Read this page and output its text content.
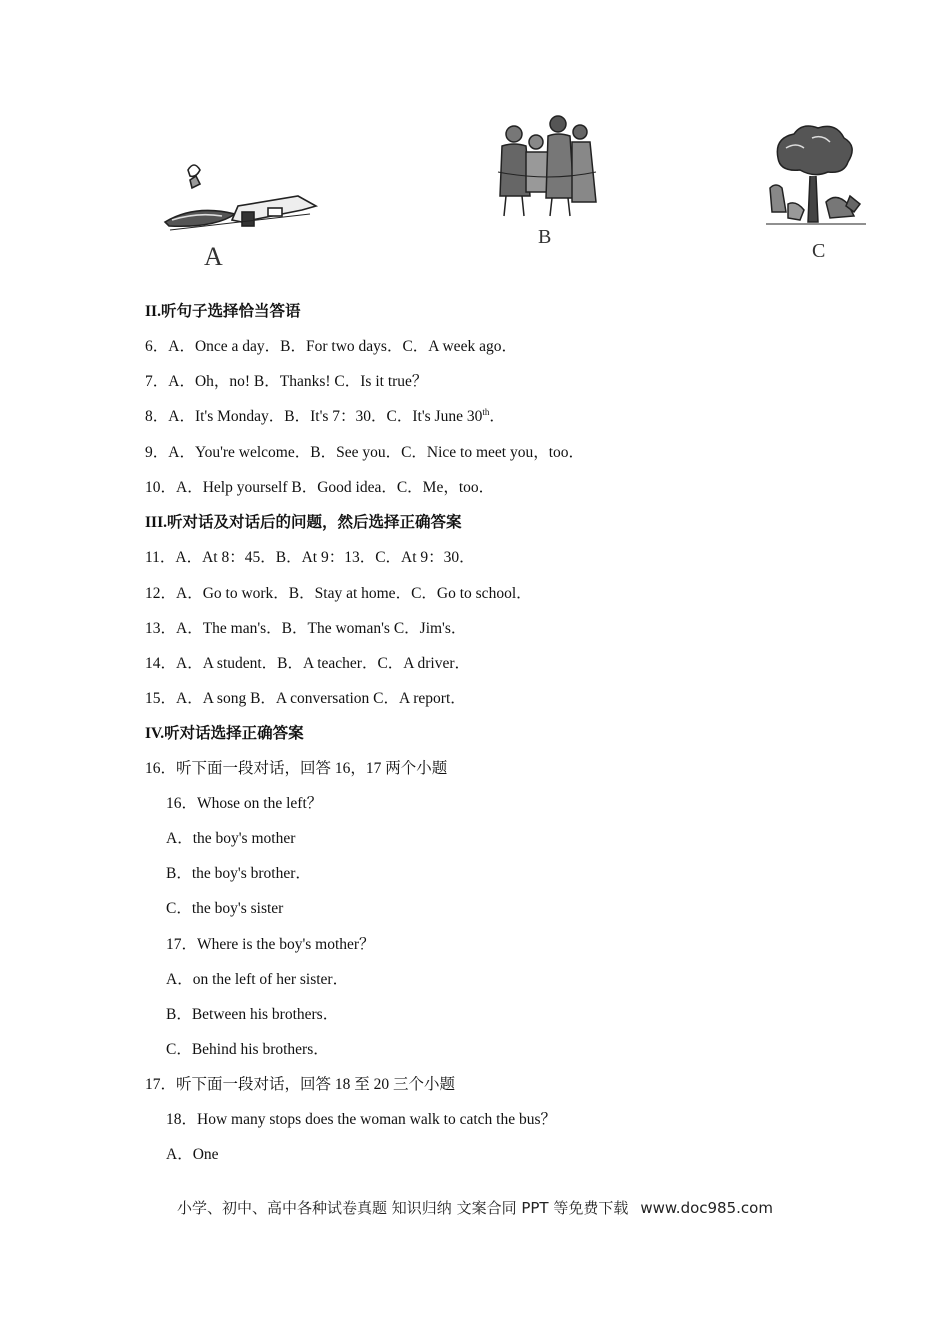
A
B
C
II.听句子选择恰当答语
6．A．Once a day．B．For two days．C．A week ago．
7．A．Oh，no! B．Thanks! C．Is it true？
8．A．It's Monday．B．It's 7：30．C．It's June 30th．
9．A．You're welcome．B．See you．C．Nice to meet you，too．
10．A．Help yourself B．Good idea．C．Me，too．
III.听对话及对话后的问题，然后选择正确答案
11．A．At 8：45．B．At 9：13．C．At 9：30．
12．A．Go to work．B．Stay at home．C．Go to school．
13．A．The man's．B．The woman's C．Jim's．
14．A．A student．B．A teacher．C．A driver．
15．A．A song B．A conversation C．A report．
IV.听对话选择正确答案
16．听下面一段对话，回答 16，17 两个小题
16．Whose on the left？
A．the boy's mother
B．the boy's brother．
C．the boy's sister
17．Where is the boy's mother？
A．on the left of her sister．
B．Between his brothers．
C．Behind his brothers．
17．听下面一段对话，回答 18 至 20 三个小题
18．How many stops does the woman walk to catch the bus？
A．One
小学、初中、高中各种试卷真题 知识归纳 文案合同 PPT 等免费下载 www.doc985.com
